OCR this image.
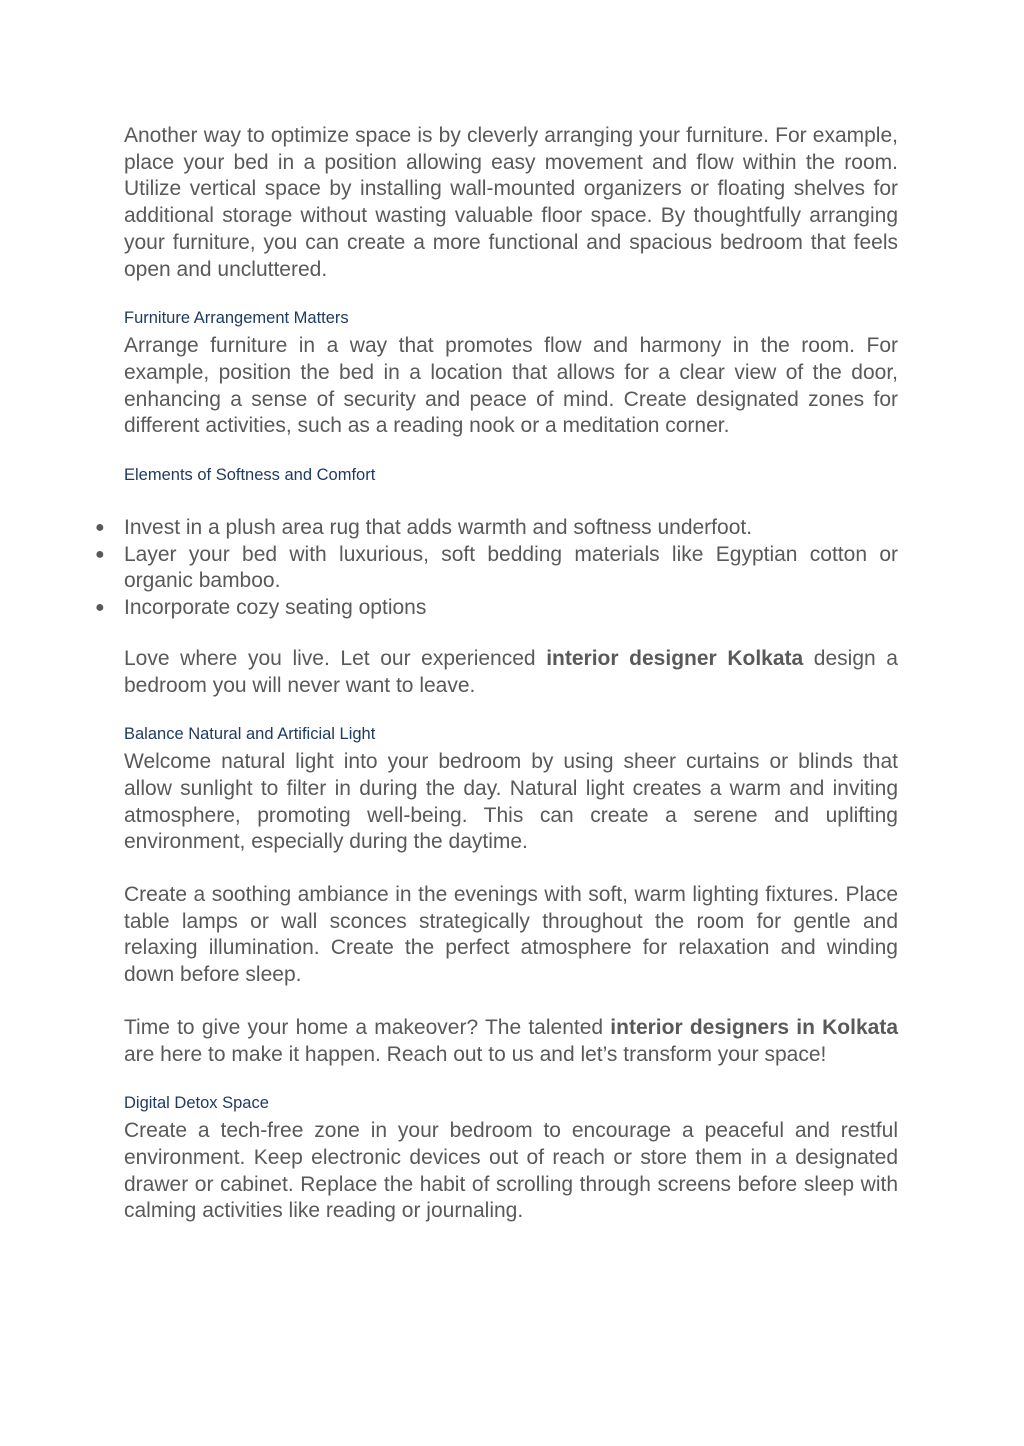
Another way to optimize space is by cleverly arranging your furniture. For example, place your bed in a position allowing easy movement and flow within the room. Utilize vertical space by installing wall-mounted organizers or floating shelves for additional storage without wasting valuable floor space. By thoughtfully arranging your furniture, you can create a more functional and spacious bedroom that feels open and uncluttered.

Furniture Arrangement Matters

Arrange furniture in a way that promotes flow and harmony in the room. For example, position the bed in a location that allows for a clear view of the door, enhancing a sense of security and peace of mind. Create designated zones for different activities, such as a reading nook or a meditation corner.

Elements of Softness and Comfort

● Invest in a plush area rug that adds warmth and softness underfoot.
● Layer your bed with luxurious, soft bedding materials like Egyptian cotton or organic bamboo.
● Incorporate cozy seating options

Love where you live. Let our experienced interior designer Kolkata design a bedroom you will never want to leave.

Balance Natural and Artificial Light

Welcome natural light into your bedroom by using sheer curtains or blinds that allow sunlight to filter in during the day. Natural light creates a warm and inviting atmosphere, promoting well-being. This can create a serene and uplifting environment, especially during the daytime.

Create a soothing ambiance in the evenings with soft, warm lighting fixtures. Place table lamps or wall sconces strategically throughout the room for gentle and relaxing illumination. Create the perfect atmosphere for relaxation and winding down before sleep.

Time to give your home a makeover? The talented interior designers in Kolkata are here to make it happen. Reach out to us and let’s transform your space!

Digital Detox Space

Create a tech-free zone in your bedroom to encourage a peaceful and restful environment. Keep electronic devices out of reach or store them in a designated drawer or cabinet. Replace the habit of scrolling through screens before sleep with calming activities like reading or journaling.
